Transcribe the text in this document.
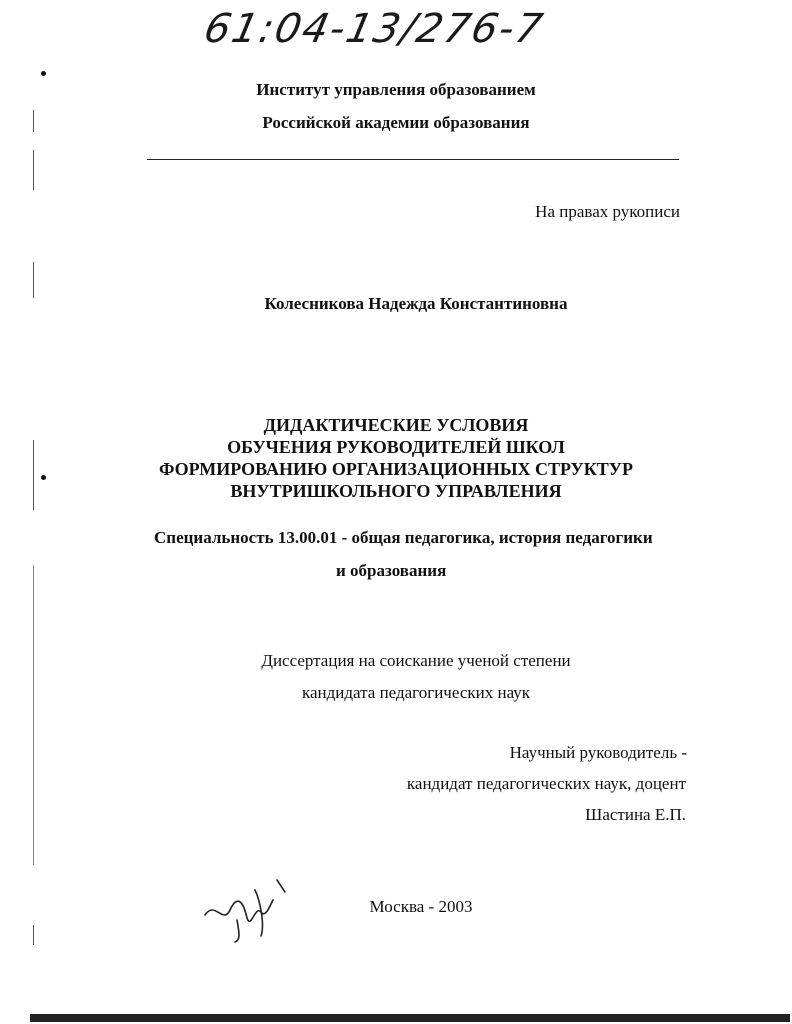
61:04-13/276-7
Институт управления образованием
Российской академии образования
На правах рукописи
Колесникова Надежда Константиновна
ДИДАКТИЧЕСКИЕ УСЛОВИЯ
ОБУЧЕНИЯ РУКОВОДИТЕЛЕЙ ШКОЛ
ФОРМИРОВАНИЮ ОРГАНИЗАЦИОННЫХ СТРУКТУР
ВНУТРИШКОЛЬНОГО УПРАВЛЕНИЯ
Специальность 13.00.01 - общая педагогика, история педагогики
и образования
Диссертация на соискание ученой степени
кандидата педагогических наук
Научный руководитель -
кандидат педагогических наук, доцент
Шастина Е.П.
Москва - 2003
